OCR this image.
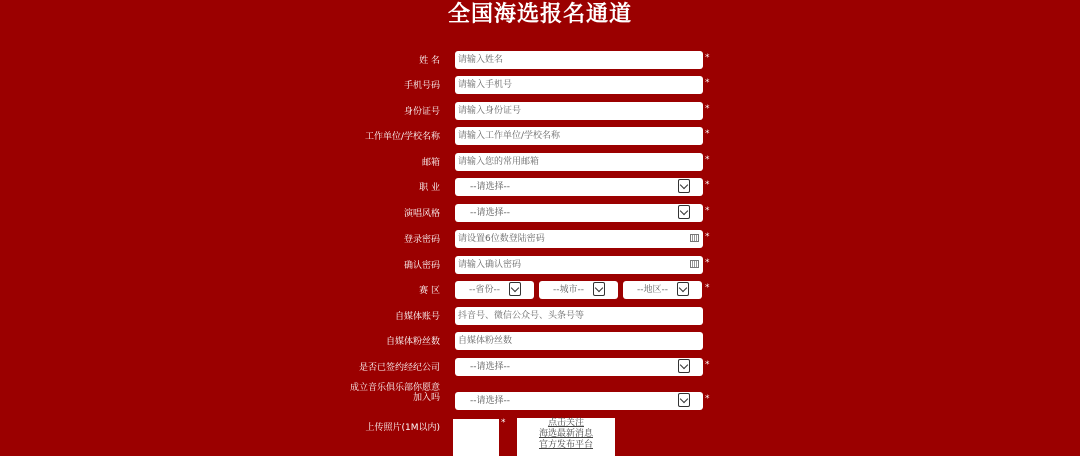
全国海选报名通道
姓 名	请输入姓名	*
手机号码	请输入手机号	*
身份证号	请输入身份证号	*
工作单位/学校名称	请输入工作单位/学校名称	*
邮箱	请输入您的常用邮箱	*
职 业	--请选择--	*
演唱风格	--请选择--	*
登录密码	请设置6位数登陆密码	*
确认密码	请输入确认密码	*
赛 区	--省份--	--城市--	--地区--	*
自媒体账号	抖音号、微信公众号、头条号等
自媒体粉丝数	自媒体粉丝数
是否已签约经纪公司	--请选择--	*
成立音乐俱乐部你愿意加入吗	--请选择--	*
上传照片(1M以内)	*	点击关注
海选最新消息
官方发布平台
